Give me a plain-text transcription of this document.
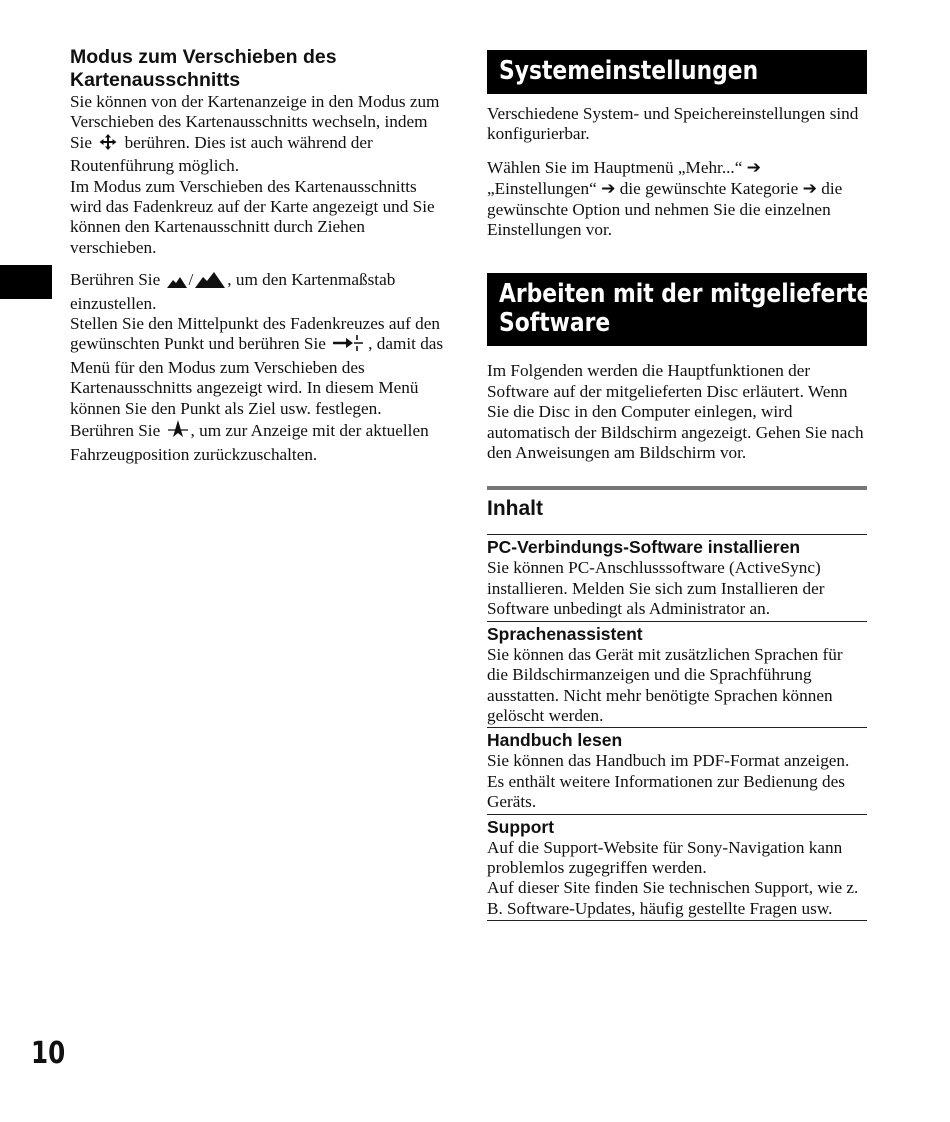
Modus zum Verschieben des Kartenausschnitts

Sie können von der Kartenanzeige in den Modus zum Verschieben des Kartenausschnitts wechseln, indem Sie berühren. Dies ist auch während der Routenführung möglich.
Im Modus zum Verschieben des Kartenausschnitts wird das Fadenkreuz auf der Karte angezeigt und Sie können den Kartenausschnitt durch Ziehen verschieben.

Berühren Sie / , um den Kartenmaßstab einzustellen.
Stellen Sie den Mittelpunkt des Fadenkreuzes auf den gewünschten Punkt und berühren Sie , damit das Menü für den Modus zum Verschieben des Kartenausschnitts angezeigt wird. In diesem Menü können Sie den Punkt als Ziel usw. festlegen.
Berühren Sie , um zur Anzeige mit der aktuellen Fahrzeugposition zurückzuschalten.

Systemeinstellungen

Verschiedene System- und Speichereinstellungen sind konfigurierbar.

Wählen Sie im Hauptmenü „Mehr...“ ➔
„Einstellungen“ ➔ die gewünschte Kategorie ➔ die gewünschte Option und nehmen Sie die einzelnen Einstellungen vor.

Arbeiten mit der mitgelieferten
Software

Im Folgenden werden die Hauptfunktionen der Software auf der mitgelieferten Disc erläutert. Wenn Sie die Disc in den Computer einlegen, wird automatisch der Bildschirm angezeigt. Gehen Sie nach den Anweisungen am Bildschirm vor.

Inhalt
PC-Verbindungs-Software installieren

Sie können PC-Anschlusssoftware (ActiveSync) installieren. Melden Sie sich zum Installieren der Software unbedingt als Administrator an.

Sprachenassistent

Sie können das Gerät mit zusätzlichen Sprachen für die Bildschirmanzeigen und die Sprachführung ausstatten. Nicht mehr benötigte Sprachen können gelöscht werden.

Handbuch lesen

Sie können das Handbuch im PDF-Format anzeigen. Es enthält weitere Informationen zur Bedienung des Geräts.

Support

Auf die Support-Website für Sony-Navigation kann problemlos zugegriffen werden.

Auf dieser Site finden Sie technischen Support, wie z. B. Software-Updates, häufig gestellte Fragen usw.

10
